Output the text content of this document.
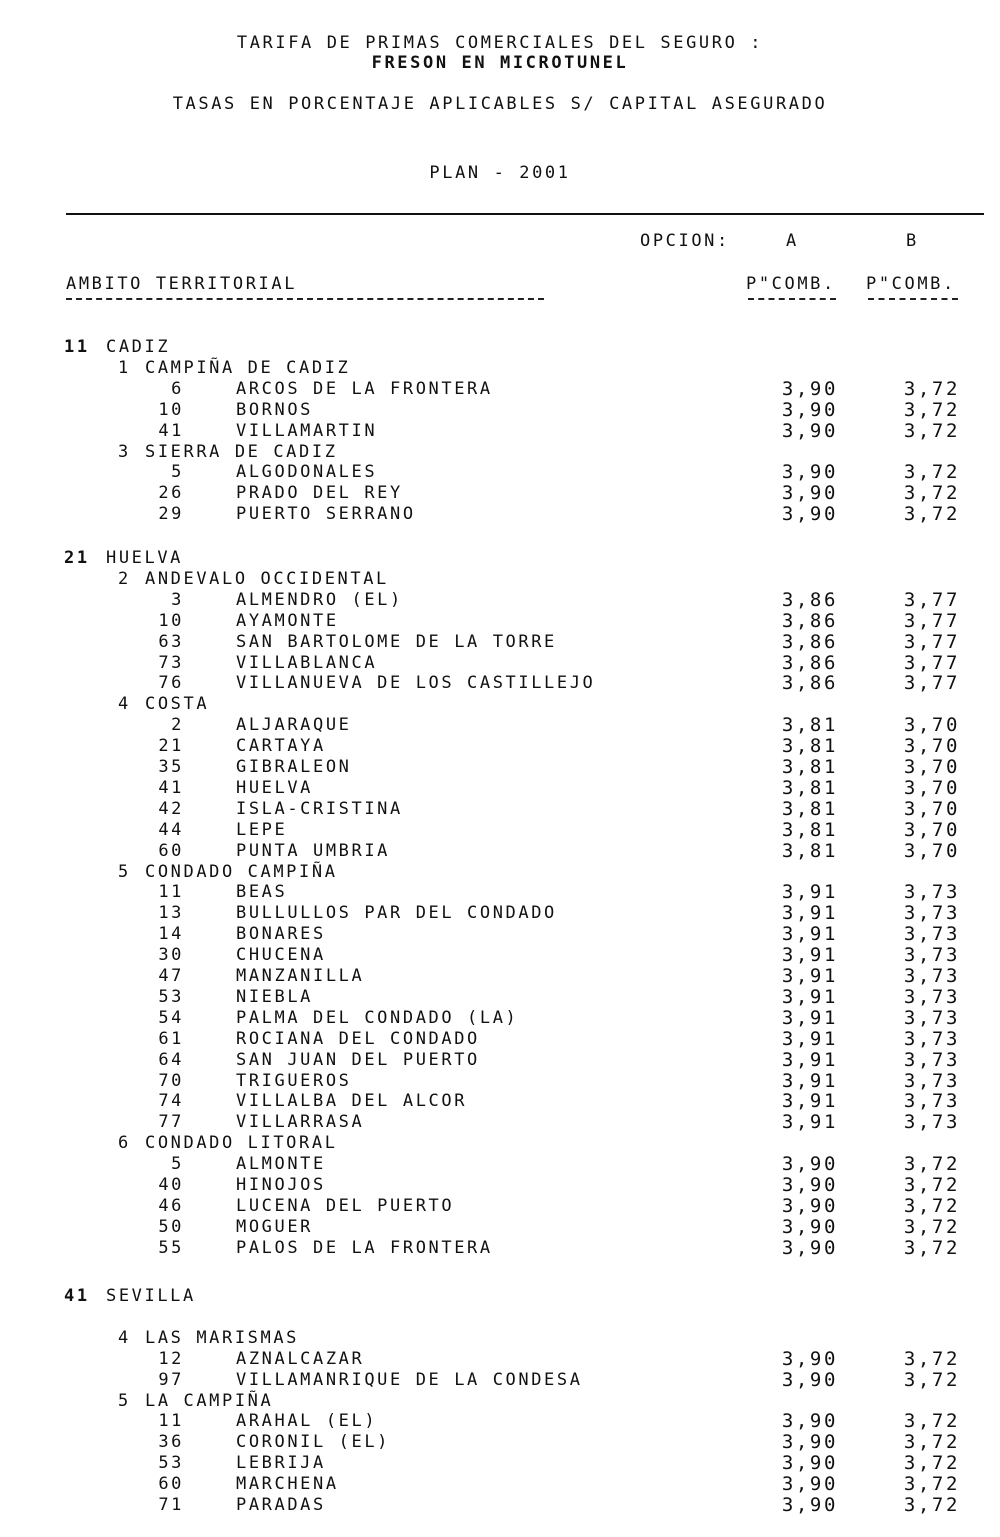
TARIFA DE PRIMAS COMERCIALES DEL SEGURO :
FRESON EN MICROTUNEL
TASAS EN PORCENTAJE APLICABLES S/ CAPITAL ASEGURADO
PLAN - 2001
OPCION:	A	B
AMBITO TERRITORIAL	P"COMB. P"COMB.
11 CADIZ
1 CAMPIÑA DE CADIZ
6	ARCOS DE LA FRONTERA	3,90	3,72
10	BORNOS	3,90	3,72
41	VILLAMARTIN	3,90	3,72
3 SIERRA DE CADIZ
5	ALGODONALES	3,90	3,72
26	PRADO DEL REY	3,90	3,72
29	PUERTO SERRANO	3,90	3,72
21 HUELVA
2 ANDEVALO OCCIDENTAL
3	ALMENDRO (EL)	3,86	3,77
10	AYAMONTE	3,86	3,77
63	SAN BARTOLOME DE LA TORRE	3,86	3,77
73	VILLABLANCA	3,86	3,77
76	VILLANUEVA DE LOS CASTILLEJO	3,86	3,77
4 COSTA
2	ALJARAQUE	3,81	3,70
21	CARTAYA	3,81	3,70
35	GIBRALEON	3,81	3,70
41	HUELVA	3,81	3,70
42	ISLA-CRISTINA	3,81	3,70
44	LEPE	3,81	3,70
60	PUNTA UMBRIA	3,81	3,70
5 CONDADO CAMPIÑA
11	BEAS	3,91	3,73
13	BULLULLOS PAR DEL CONDADO	3,91	3,73
14	BONARES	3,91	3,73
30	CHUCENA	3,91	3,73
47	MANZANILLA	3,91	3,73
53	NIEBLA	3,91	3,73
54	PALMA DEL CONDADO (LA)	3,91	3,73
61	ROCIANA DEL CONDADO	3,91	3,73
64	SAN JUAN DEL PUERTO	3,91	3,73
70	TRIGUEROS	3,91	3,73
74	VILLALBA DEL ALCOR	3,91	3,73
77	VILLARRASA	3,91	3,73
6 CONDADO LITORAL
5	ALMONTE	3,90	3,72
40	HINOJOS	3,90	3,72
46	LUCENA DEL PUERTO	3,90	3,72
50	MOGUER	3,90	3,72
55	PALOS DE LA FRONTERA	3,90	3,72
41 SEVILLA
4 LAS MARISMAS
12	AZNALCAZAR	3,90	3,72
97	VILLAMANRIQUE DE LA CONDESA	3,90	3,72
5 LA CAMPIÑA
11	ARAHAL (EL)	3,90	3,72
36	CORONIL (EL)	3,90	3,72
53	LEBRIJA	3,90	3,72
60	MARCHENA	3,90	3,72
71	PARADAS	3,90	3,72
